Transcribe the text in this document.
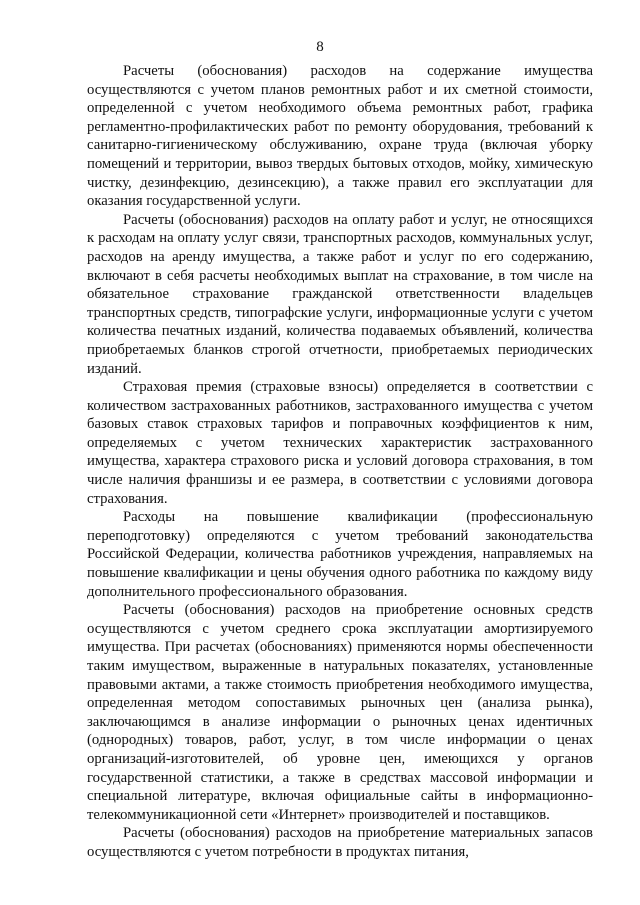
8

Расчеты (обоснования) расходов на содержание имущества осуществляются с учетом планов ремонтных работ и их сметной стоимости, определенной с учетом необходимого объема ремонтных работ, графика регламентно-профилактических работ по ремонту оборудования, требований к санитарно-гигиеническому обслуживанию, охране труда (включая уборку помещений и территории, вывоз твердых бытовых отходов, мойку, химическую чистку, дезинфекцию, дезинсекцию), а также правил его эксплуатации для оказания государственной услуги.

Расчеты (обоснования) расходов на оплату работ и услуг, не относящихся к расходам на оплату услуг связи, транспортных расходов, коммунальных услуг, расходов на аренду имущества, а также работ и услуг по его содержанию, включают в себя расчеты необходимых выплат на страхование, в том числе на обязательное страхование гражданской ответственности владельцев транспортных средств, типографские услуги, информационные услуги с учетом количества печатных изданий, количества подаваемых объявлений, количества приобретаемых бланков строгой отчетности, приобретаемых периодических изданий.

Страховая премия (страховые взносы) определяется в соответствии с количеством застрахованных работников, застрахованного имущества с учетом базовых ставок страховых тарифов и поправочных коэффициентов к ним, определяемых с учетом технических характеристик застрахованного имущества, характера страхового риска и условий договора страхования, в том числе наличия франшизы и ее размера, в соответствии с условиями договора страхования.

Расходы на повышение квалификации (профессиональную переподготовку) определяются с учетом требований законодательства Российской Федерации, количества работников учреждения, направляемых на повышение квалификации и цены обучения одного работника по каждому виду дополнительного профессионального образования.

Расчеты (обоснования) расходов на приобретение основных средств осуществляются с учетом среднего срока эксплуатации амортизируемого имущества. При расчетах (обоснованиях) применяются нормы обеспеченности таким имуществом, выраженные в натуральных показателях, установленные правовыми актами, а также стоимость приобретения необходимого имущества, определенная методом сопоставимых рыночных цен (анализа рынка), заключающимся в анализе информации о рыночных ценах идентичных (однородных) товаров, работ, услуг, в том числе информации о ценах организаций-изготовителей, об уровне цен, имеющихся у органов государственной статистики, а также в средствах массовой информации и специальной литературе, включая официальные сайты в информационно-телекоммуникационной сети «Интернет» производителей и поставщиков.

Расчеты (обоснования) расходов на приобретение материальных запасов осуществляются с учетом потребности в продуктах питания,
